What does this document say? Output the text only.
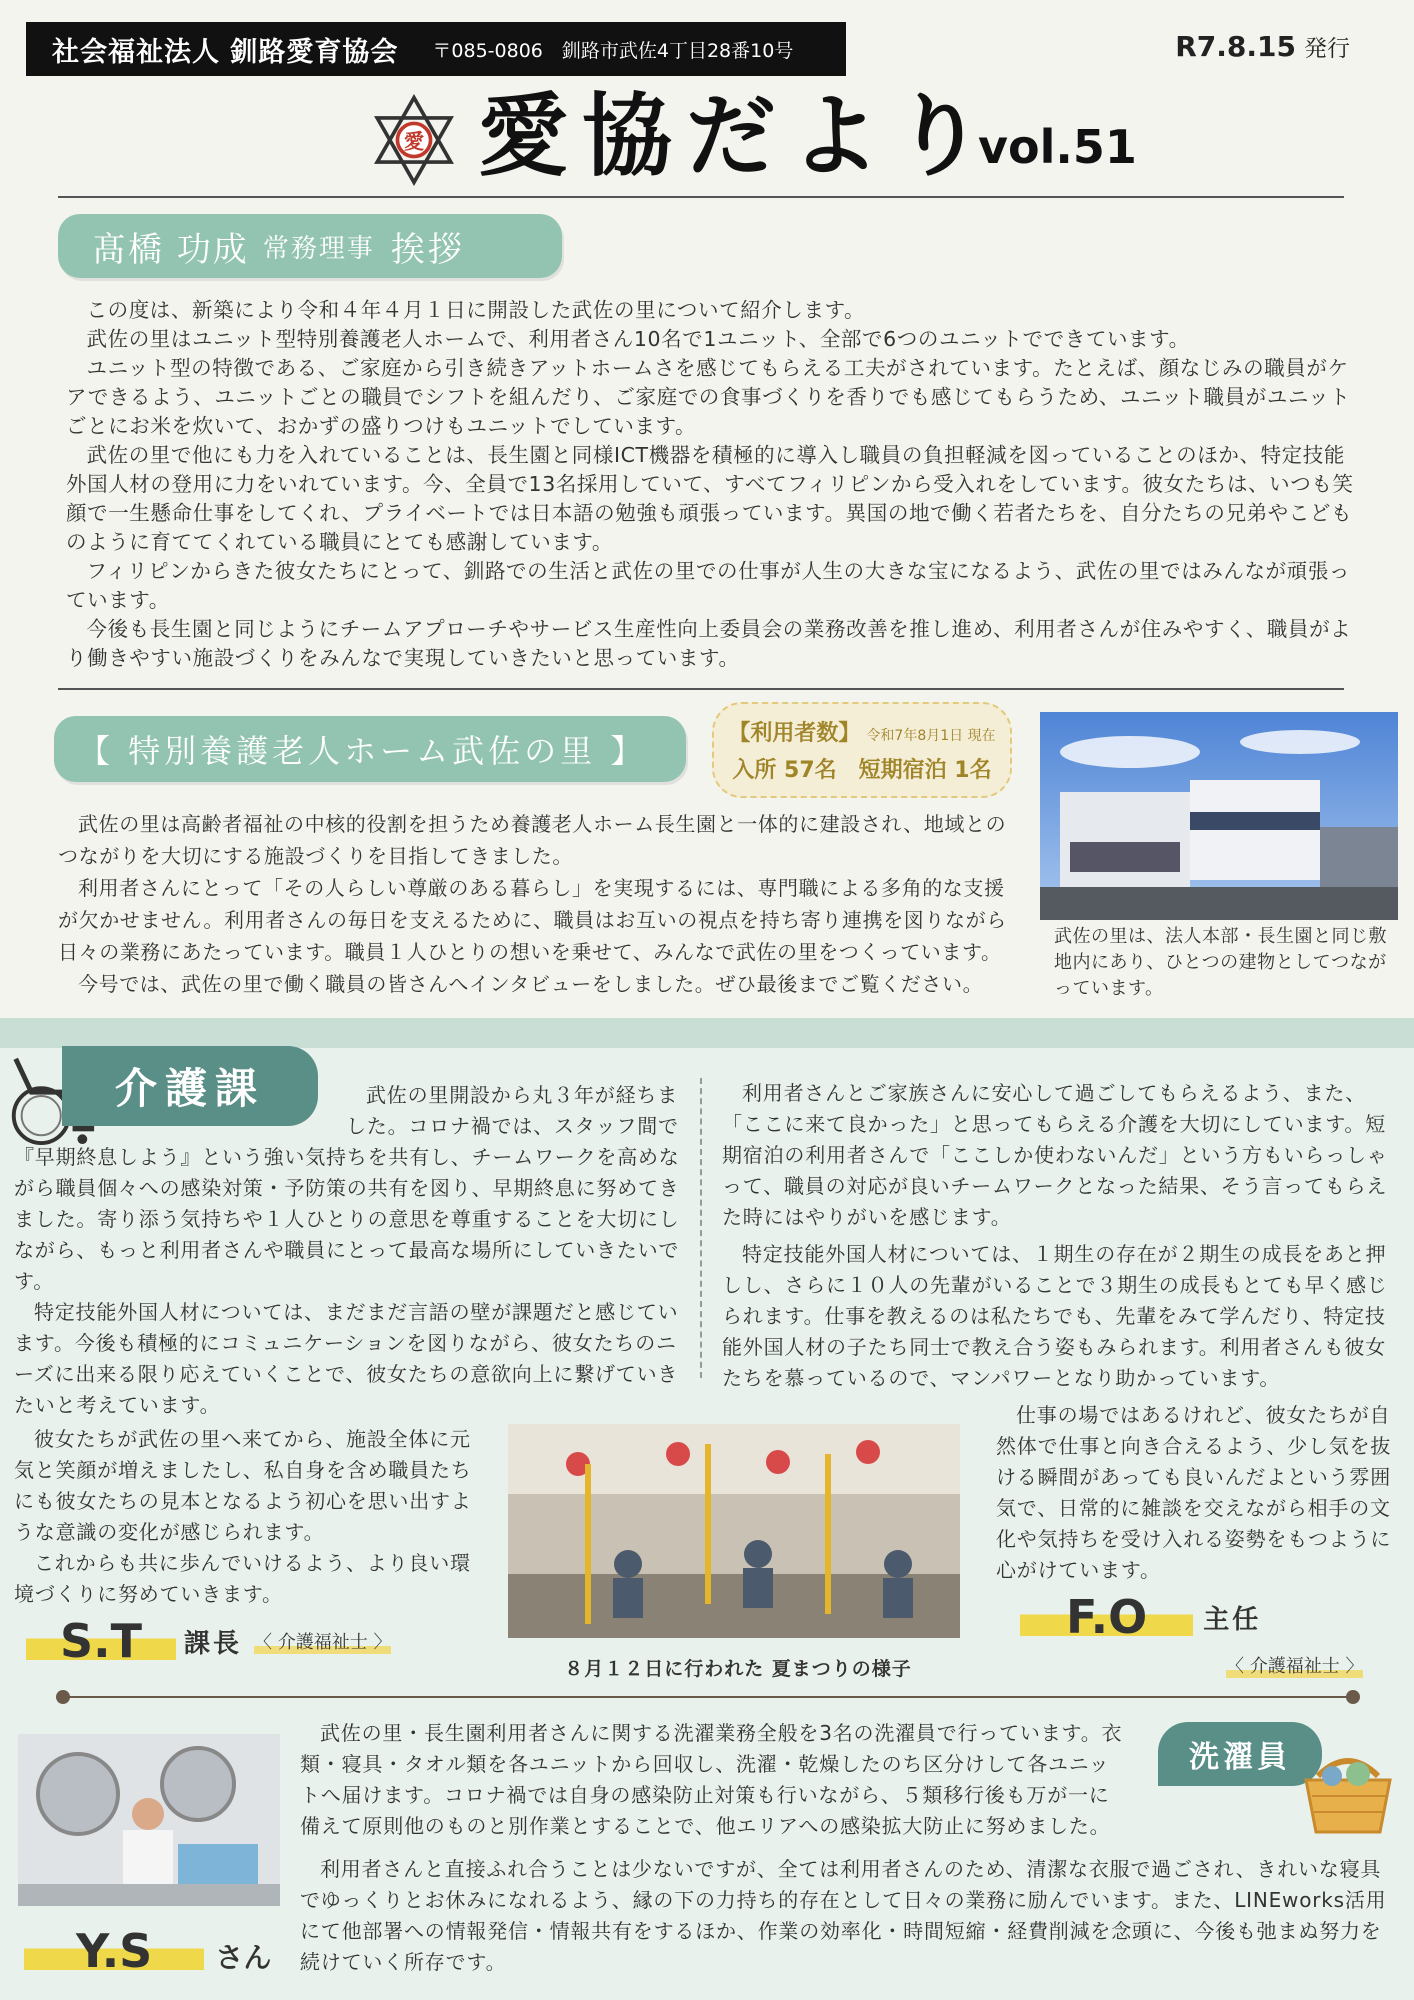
社会福祉法人 釧路愛育協会 〒085-0806　釧路市武佐4丁目28番10号	R7.8.15 発行
愛 愛協だより
vol.51
髙橋 功成 常務理事 挨拶

この度は、新築により令和４年４月１日に開設した武佐の里について紹介します。

武佐の里はユニット型特別養護老人ホームで、利用者さん10名で1ユニット、全部で6つのユニットでできています。

ユニット型の特徴である、ご家庭から引き続きアットホームさを感じてもらえる工夫がされています。たとえば、顔なじみの職員がケアできるよう、ユニットごとの職員でシフトを組んだり、ご家庭での食事づくりを香りでも感じてもらうため、ユニット職員がユニットごとにお米を炊いて、おかずの盛りつけもユニットでしています。

武佐の里で他にも力を入れていることは、長生園と同様ICT機器を積極的に導入し職員の負担軽減を図っていることのほか、特定技能外国人材の登用に力をいれています。今、全員で13名採用していて、すべてフィリピンから受入れをしています。彼女たちは、いつも笑顔で一生懸命仕事をしてくれ、プライベートでは日本語の勉強も頑張っています。異国の地で働く若者たちを、自分たちの兄弟やこどものように育ててくれている職員にとても感謝しています。

フィリピンからきた彼女たちにとって、釧路での生活と武佐の里での仕事が人生の大きな宝になるよう、武佐の里ではみんなが頑張っています。

今後も長生園と同じようにチームアプローチやサービス生産性向上委員会の業務改善を推し進め、利用者さんが住みやすく、職員がより働きやすい施設づくりをみんなで実現していきたいと思っています。

【 特別養護老人ホーム武佐の里 】	【利用者数】 令和7年8月1日 現在
入所 57名　短期宿泊 1名

武佐の里は高齢者福祉の中核的役割を担うため養護老人ホーム長生園と一体的に建設され、地域とのつながりを大切にする施設づくりを目指してきました。

利用者さんにとって「その人らしい尊厳のある暮らし」を実現するには、専門職による多角的な支援が欠かせません。利用者さんの毎日を支えるために、職員はお互いの視点を持ち寄り連携を図りながら日々の業務にあたっています。職員１人ひとりの想いを乗せて、みんなで武佐の里をつくっています。

今号では、武佐の里で働く職員の皆さんへインタビューをしました。ぜひ最後までご覧ください。

武佐の里は、法人本部・長生園と同じ敷地内にあり、ひとつの建物としてつながっています。
介護課	武佐の里開設から丸３年が経ちました。コロナ禍では、スタッフ間で

『早期終息しよう』という強い気持ちを共有し、チームワークを高めながら職員個々への感染対策・予防策の共有を図り、早期終息に努めてきました。寄り添う気持ちや１人ひとりの意思を尊重することを大切にしながら、もっと利用者さんや職員にとって最高な場所にしていきたいです。

特定技能外国人材については、まだまだ言語の壁が課題だと感じています。今後も積極的にコミュニケーションを図りながら、彼女たちのニーズに出来る限り応えていくことで、彼女たちの意欲向上に繋げていきたいと考えています。

彼女たちが武佐の里へ来てから、施設全体に元気と笑顔が増えましたし、私自身を含め職員たちにも彼女たちの見本となるよう初心を思い出すような意識の変化が感じられます。

これからも共に歩んでいけるよう、より良い環境づくりに努めていきます。

利用者さんとご家族さんに安心して過ごしてもらえるよう、また、「ここに来て良かった」と思ってもらえる介護を大切にしています。短期宿泊の利用者さんで「ここしか使わないんだ」という方もいらっしゃって、職員の対応が良いチームワークとなった結果、そう言ってもらえた時にはやりがいを感じます。

特定技能外国人材については、１期生の存在が２期生の成長をあと押しし、さらに１０人の先輩がいることで３期生の成長もとても早く感じられます。仕事を教えるのは私たちでも、先輩をみて学んだり、特定技能外国人材の子たち同士で教え合う姿もみられます。利用者さんも彼女たちを慕っているので、マンパワーとなり助かっています。

仕事の場ではあるけれど、彼女たちが自然体で仕事と向き合えるよう、少し気を抜ける瞬間があっても良いんだよという雰囲気で、日常的に雑談を交えながら相手の文化や気持ちを受け入れる姿勢をもつように心がけています。
８月１２日に行われた 夏まつりの様子
S.T	課長 〈 介護福祉士 〉	F.O	主任
〈 介護福祉士 〉
Y.S さん
洗濯員

武佐の里・長生園利用者さんに関する洗濯業務全般を3名の洗濯員で行っています。衣類・寝具・タオル類を各ユニットから回収し、洗濯・乾燥したのち区分けして各ユニットへ届けます。コロナ禍では自身の感染防止対策も行いながら、５類移行後も万が一に備えて原則他のものと別作業とすることで、他エリアへの感染拡大防止に努めました。

利用者さんと直接ふれ合うことは少ないですが、全ては利用者さんのため、清潔な衣服で過ごされ、きれいな寝具でゆっくりとお休みになれるよう、縁の下の力持ち的存在として日々の業務に励んでいます。また、LINEworks活用にて他部署への情報発信・情報共有をするほか、作業の効率化・時間短縮・経費削減を念頭に、今後も弛まぬ努力を続けていく所存です。
